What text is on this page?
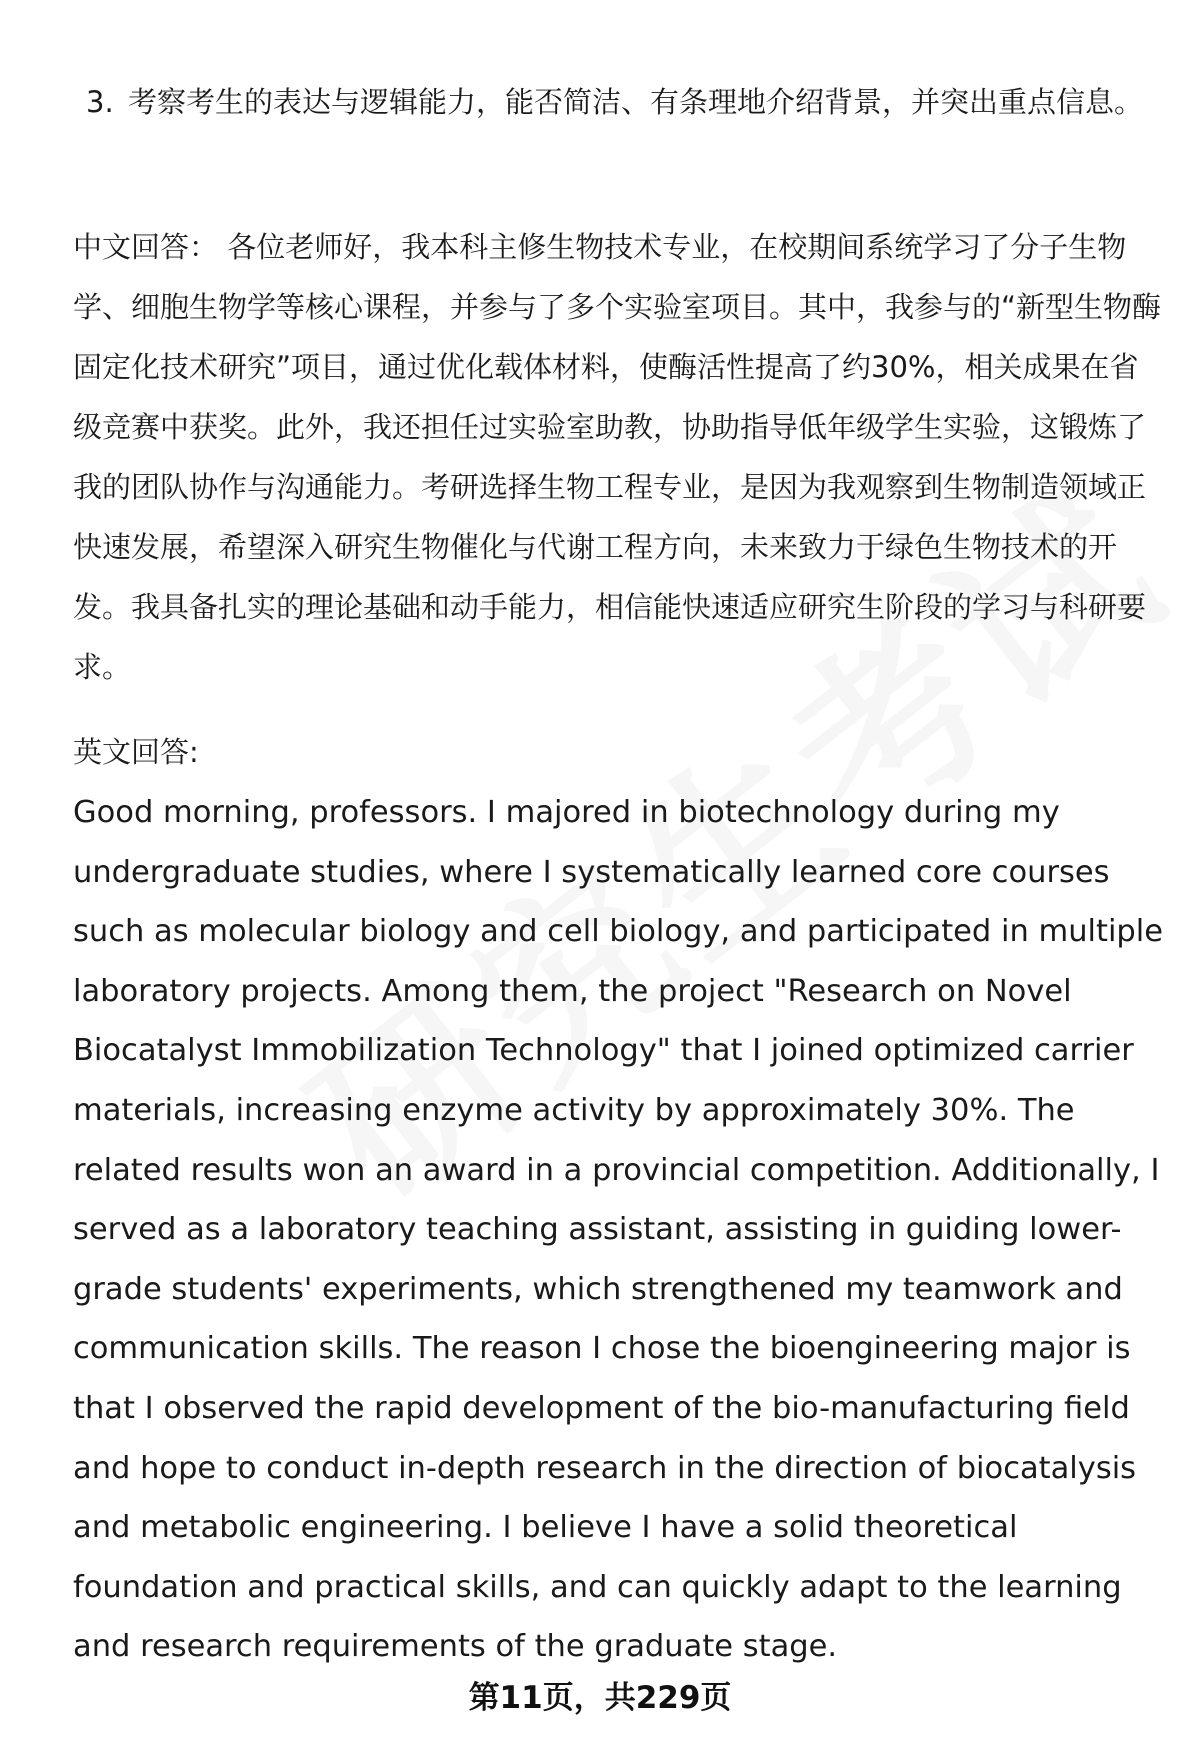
3. 考察考生的表达与逻辑能力，能否简洁、有条理地介绍背景，并突出重点信息。
中文回答： 各位老师好，我本科主修生物技术专业，在校期间系统学习了分子生物学、细胞生物学等核心课程，并参与了多个实验室项目。其中，我参与的“新型生物酶固定化技术研究”项目，通过优化载体材料，使酶活性提高了约30%，相关成果在省级竞赛中获奖。此外，我还担任过实验室助教，协助指导低年级学生实验，这锻炼了我的团队协作与沟通能力。考研选择生物工程专业，是因为我观察到生物制造领域正快速发展，希望深入研究生物催化与代谢工程方向，未来致力于绿色生物技术的开发。我具备扎实的理论基础和动手能力，相信能快速适应研究生阶段的学习与科研要求。
英文回答:
Good morning, professors. I majored in biotechnology during my undergraduate studies, where I systematically learned core courses such as molecular biology and cell biology, and participated in multiple laboratory projects. Among them, the project "Research on Novel Biocatalyst Immobilization Technology" that I joined optimized carrier materials, increasing enzyme activity by approximately 30%. The related results won an award in a provincial competition. Additionally, I served as a laboratory teaching assistant, assisting in guiding lower-grade students' experiments, which strengthened my teamwork and communication skills. The reason I chose the bioengineering major is that I observed the rapid development of the bio-manufacturing field and hope to conduct in-depth research in the direction of biocatalysis and metabolic engineering. I believe I have a solid theoretical foundation and practical skills, and can quickly adapt to the learning and research requirements of the graduate stage.
第11页，共229页
